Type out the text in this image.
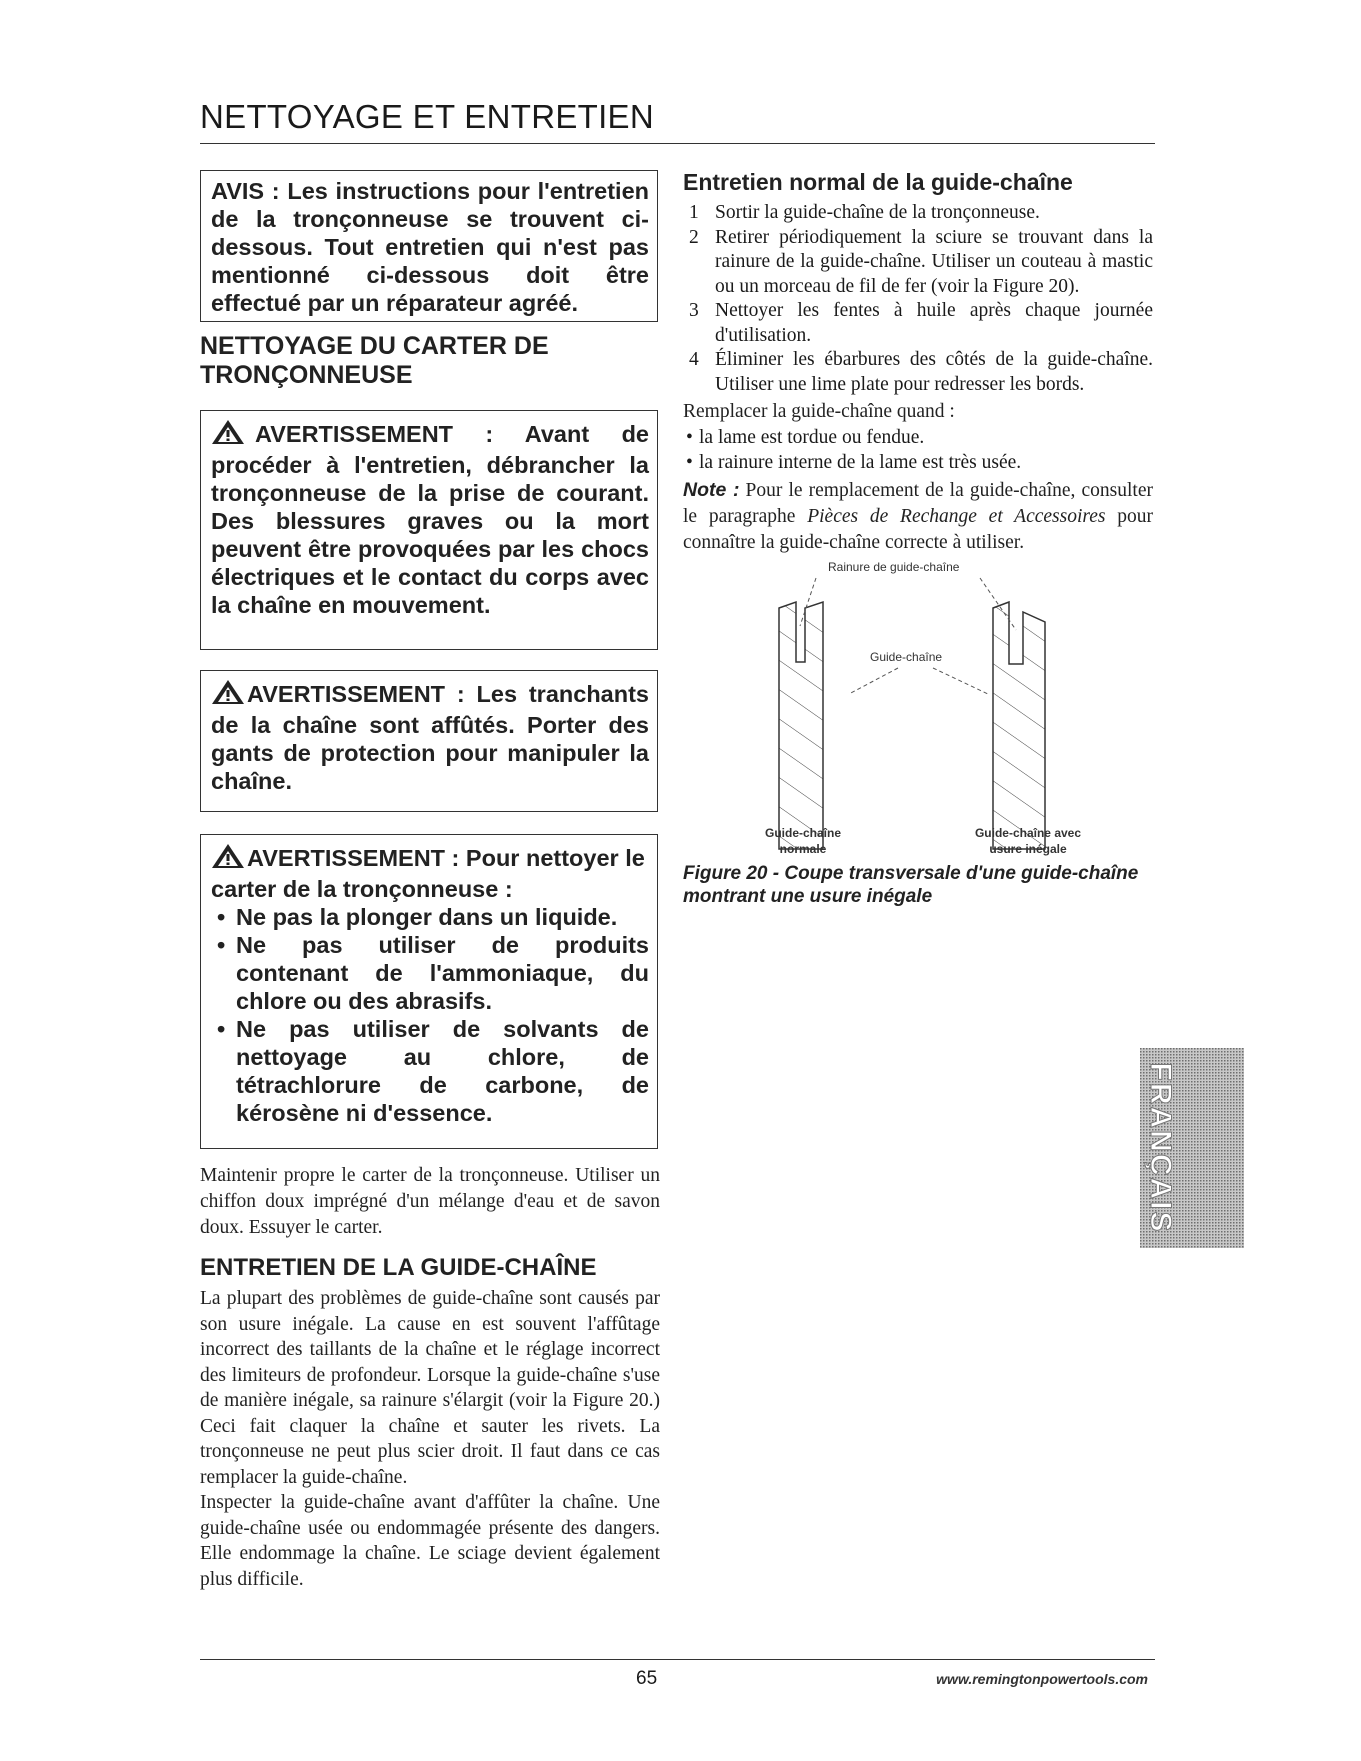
NETTOYAGE ET ENTRETIEN
AVIS : Les instructions pour l'entretien de la tronçonneuse se trouvent ci-dessous. Tout entretien qui n'est pas mentionné ci-dessous doit être effectué par un réparateur agréé.
NETTOYAGE DU CARTER DE
TRONÇONNEUSE
AVERTISSEMENT : Avant de procéder à l'entretien, débrancher la tronçonneuse de la prise de courant. Des blessures graves ou la mort peuvent être provoquées par les chocs électriques et le contact du corps avec la chaîne en mouvement.
AVERTISSEMENT : Les tranchants de la chaîne sont affûtés. Porter des gants de protection pour manipuler la chaîne.
AVERTISSEMENT : Pour nettoyer le carter de la tronçonneuse :
• Ne pas la plonger dans un liquide.
• Ne pas utiliser de produits contenant de l'ammoniaque, du chlore ou des abrasifs.
• Ne pas utiliser de solvants de nettoyage au chlore, de tétrachlorure de carbone, de kérosène ni d'essence.

Maintenir propre le carter de la tronçonneuse. Utiliser un chiffon doux imprégné d'un mélange d'eau et de savon doux. Essuyer le carter.

ENTRETIEN DE LA GUIDE-CHAÎNE

La plupart des problèmes de guide-chaîne sont causés par son usure inégale. La cause en est souvent l'affûtage incorrect des taillants de la chaîne et le réglage incorrect des limiteurs de profondeur. Lorsque la guide-chaîne s'use de manière inégale, sa rainure s'élargit (voir la Figure 20.) Ceci fait claquer la chaîne et sauter les rivets. La tronçonneuse ne peut plus scier droit. Il faut dans ce cas remplacer la guide-chaîne.

Inspecter la guide-chaîne avant d'affûter la chaîne. Une guide-chaîne usée ou endommagée présente des dangers. Elle endommage la chaîne. Le sciage devient également plus difficile.

Entretien normal de la guide-chaîne
1 Sortir la guide-chaîne de la tronçonneuse.
2 Retirer périodiquement la sciure se trouvant dans la rainure de la guide-chaîne. Utiliser un couteau à mastic ou un morceau de fil de fer (voir la Figure 20).
3 Nettoyer les fentes à huile après chaque journée d'utilisation.
4 Éliminer les ébarbures des côtés de la guide-chaîne. Utiliser une lime plate pour redresser les bords.

Remplacer la guide-chaîne quand :

• la lame est tordue ou fendue.
• la rainure interne de la lame est très usée.
Note : Pour le remplacement de la guide-chaîne, consulter le paragraphe Pièces de Rechange et Accessoires pour connaître la guide-chaîne correcte à utiliser.
Rainure de guide-chaîne
Guide-chaîne
Guide-chaîne
normale
Guide-chaîne avec
usure inégale

Figure 20 - Coupe transversale d'une guide-chaîne montrant une usure inégale

FRANÇAIS
65	www.remingtonpowertools.com
